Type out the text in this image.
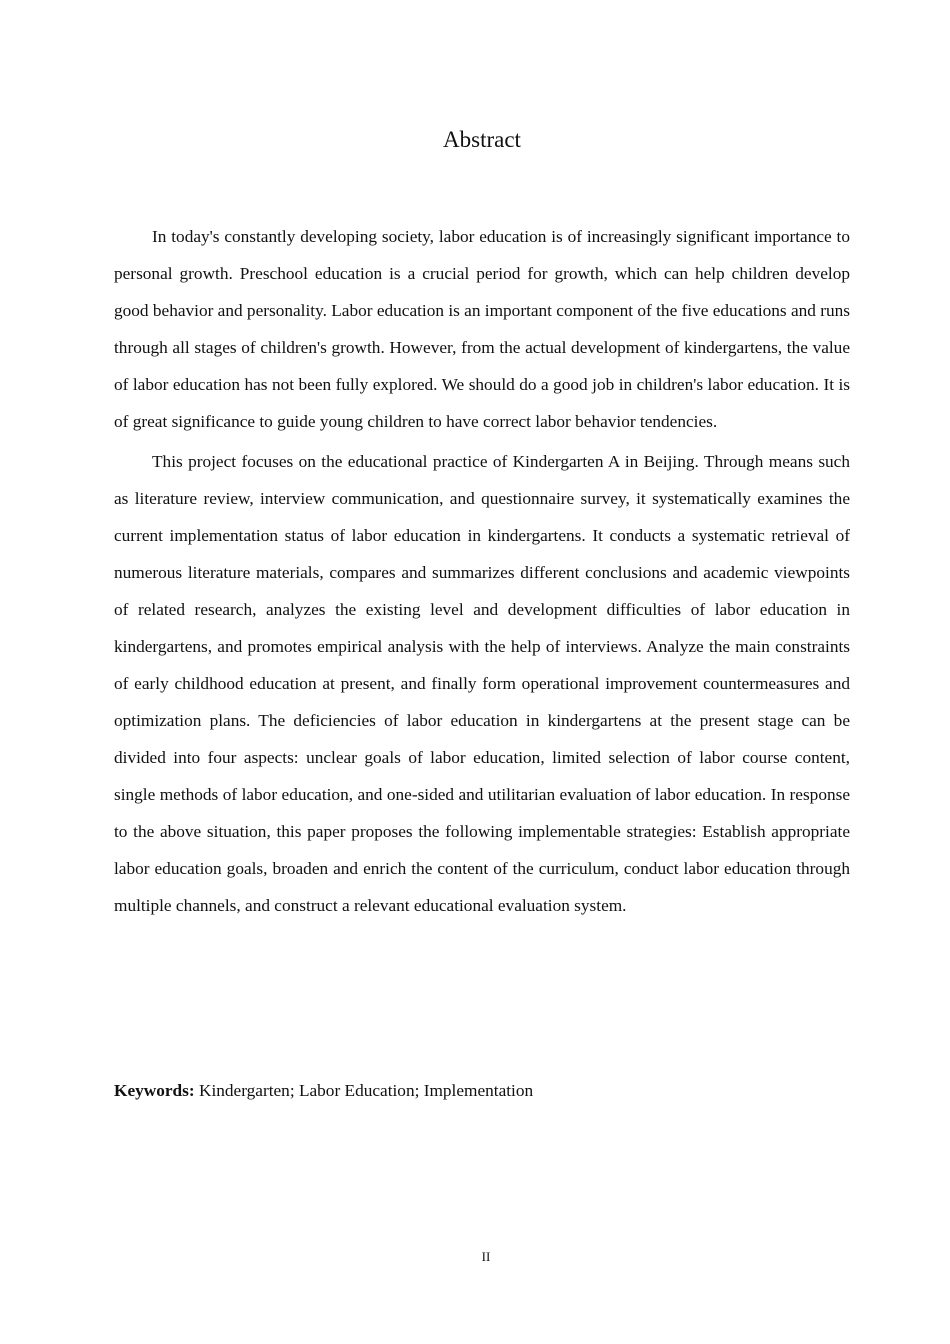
Abstract

In today's constantly developing society, labor education is of increasingly significant importance to personal growth. Preschool education is a crucial period for growth, which can help children develop good behavior and personality. Labor education is an important component of the five educations and runs through all stages of children's growth. However, from the actual development of kindergartens, the value of labor education has not been fully explored. We should do a good job in children's labor education. It is of great significance to guide young children to have correct labor behavior tendencies.

This project focuses on the educational practice of Kindergarten A in Beijing. Through means such as literature review, interview communication, and questionnaire survey, it systematically examines the current implementation status of labor education in kindergartens. It conducts a systematic retrieval of numerous literature materials, compares and summarizes different conclusions and academic viewpoints of related research, analyzes the existing level and development difficulties of labor education in kindergartens, and promotes empirical analysis with the help of interviews. Analyze the main constraints of early childhood education at present, and finally form operational improvement countermeasures and optimization plans. The deficiencies of labor education in kindergartens at the present stage can be divided into four aspects: unclear goals of labor education, limited selection of labor course content, single methods of labor education, and one-sided and utilitarian evaluation of labor education. In response to the above situation, this paper proposes the following implementable strategies: Establish appropriate labor education goals, broaden and enrich the content of the curriculum, conduct labor education through multiple channels, and construct a relevant educational evaluation system.

Keywords: Kindergarten; Labor Education; Implementation

II
